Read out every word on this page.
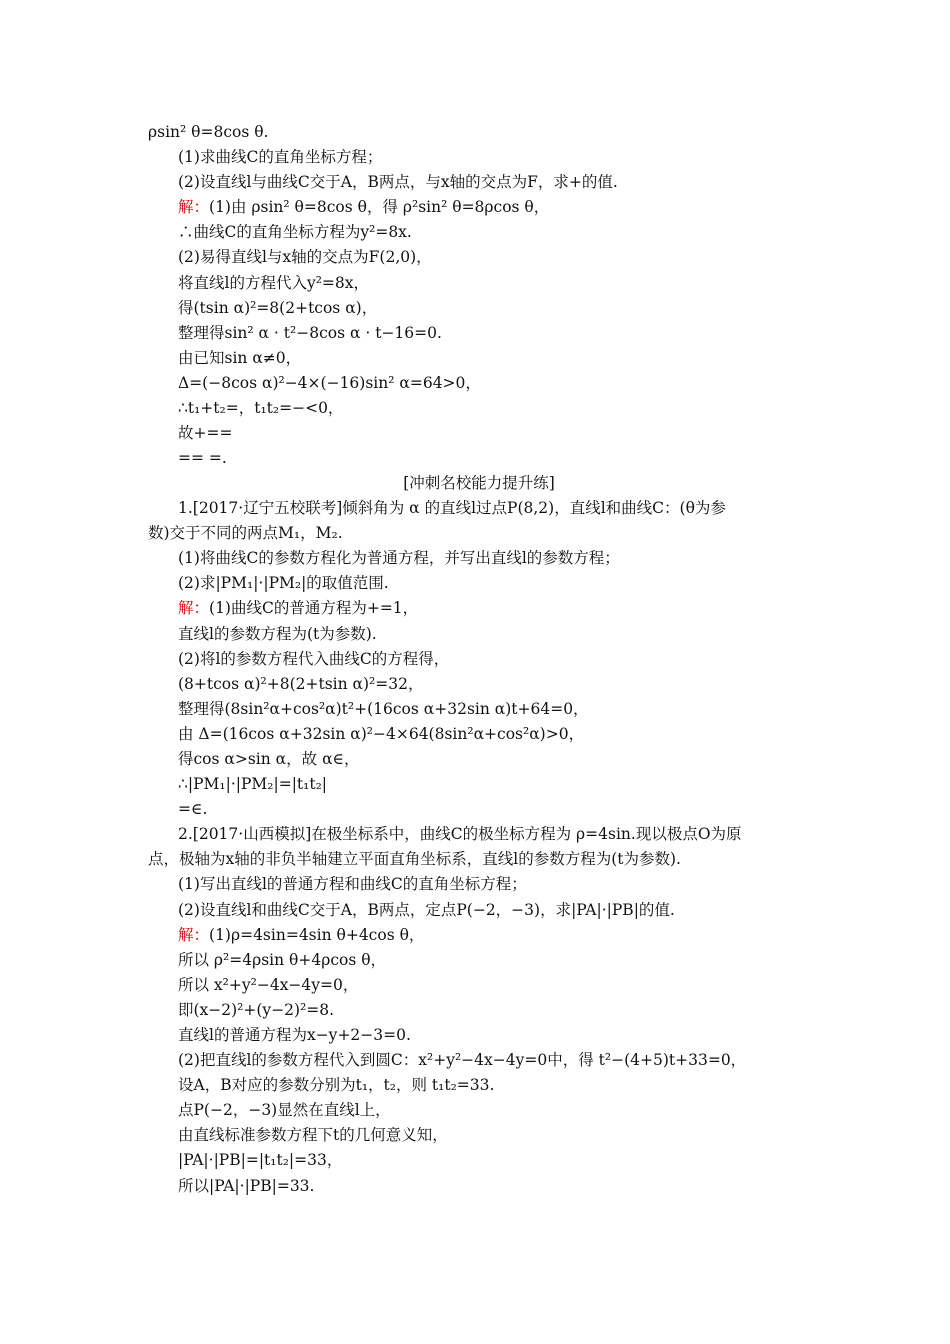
ρsin² θ=8cos θ.
(1)求曲线C的直角坐标方程；
(2)设直线l与曲线C交于A，B两点，与x轴的交点为F，求+的值.
解：(1)由 ρsin² θ=8cos θ，得 ρ²sin² θ=8ρcos θ，
∴曲线C的直角坐标方程为y²=8x.
(2)易得直线l与x轴的交点为F(2,0)，
将直线l的方程代入y²=8x，
得(tsin α)²=8(2+tcos α)，
整理得sin² α · t²−8cos α · t−16=0.
由已知sin α≠0，
Δ=(−8cos α)²−4×(−16)sin² α=64>0，
∴t₁+t₂=，t₁t₂=−<0，
故+==
== =.
[冲刺名校能力提升练]
1.[2017·辽宁五校联考]倾斜角为 α 的直线l过点P(8,2)，直线l和曲线C：(θ为参
数)交于不同的两点M₁，M₂.
(1)将曲线C的参数方程化为普通方程，并写出直线l的参数方程；
(2)求|PM₁|·|PM₂|的取值范围.
解：(1)曲线C的普通方程为+=1，
直线l的参数方程为(t为参数).
(2)将l的参数方程代入曲线C的方程得，
(8+tcos α)²+8(2+tsin α)²=32，
整理得(8sin²α+cos²α)t²+(16cos α+32sin α)t+64=0，
由 Δ=(16cos α+32sin α)²−4×64(8sin²α+cos²α)>0，
得cos α>sin α，故 α∈，
∴|PM₁|·|PM₂|=|t₁t₂|
=∈.
2.[2017·山西模拟]在极坐标系中，曲线C的极坐标方程为 ρ=4sin.现以极点O为原
点，极轴为x轴的非负半轴建立平面直角坐标系，直线l的参数方程为(t为参数).
(1)写出直线l的普通方程和曲线C的直角坐标方程；
(2)设直线l和曲线C交于A，B两点，定点P(−2，−3)，求|PA|·|PB|的值.
解：(1)ρ=4sin=4sin θ+4cos θ，
所以 ρ²=4ρsin θ+4ρcos θ，
所以 x²+y²−4x−4y=0，
即(x−2)²+(y−2)²=8.
直线l的普通方程为x−y+2−3=0.
(2)把直线l的参数方程代入到圆C：x²+y²−4x−4y=0中，得 t²−(4+5)t+33=0，
设A，B对应的参数分别为t₁，t₂，则 t₁t₂=33.
点P(−2，−3)显然在直线l上，
由直线标准参数方程下t的几何意义知，
|PA|·|PB|=|t₁t₂|=33，
所以|PA|·|PB|=33.
